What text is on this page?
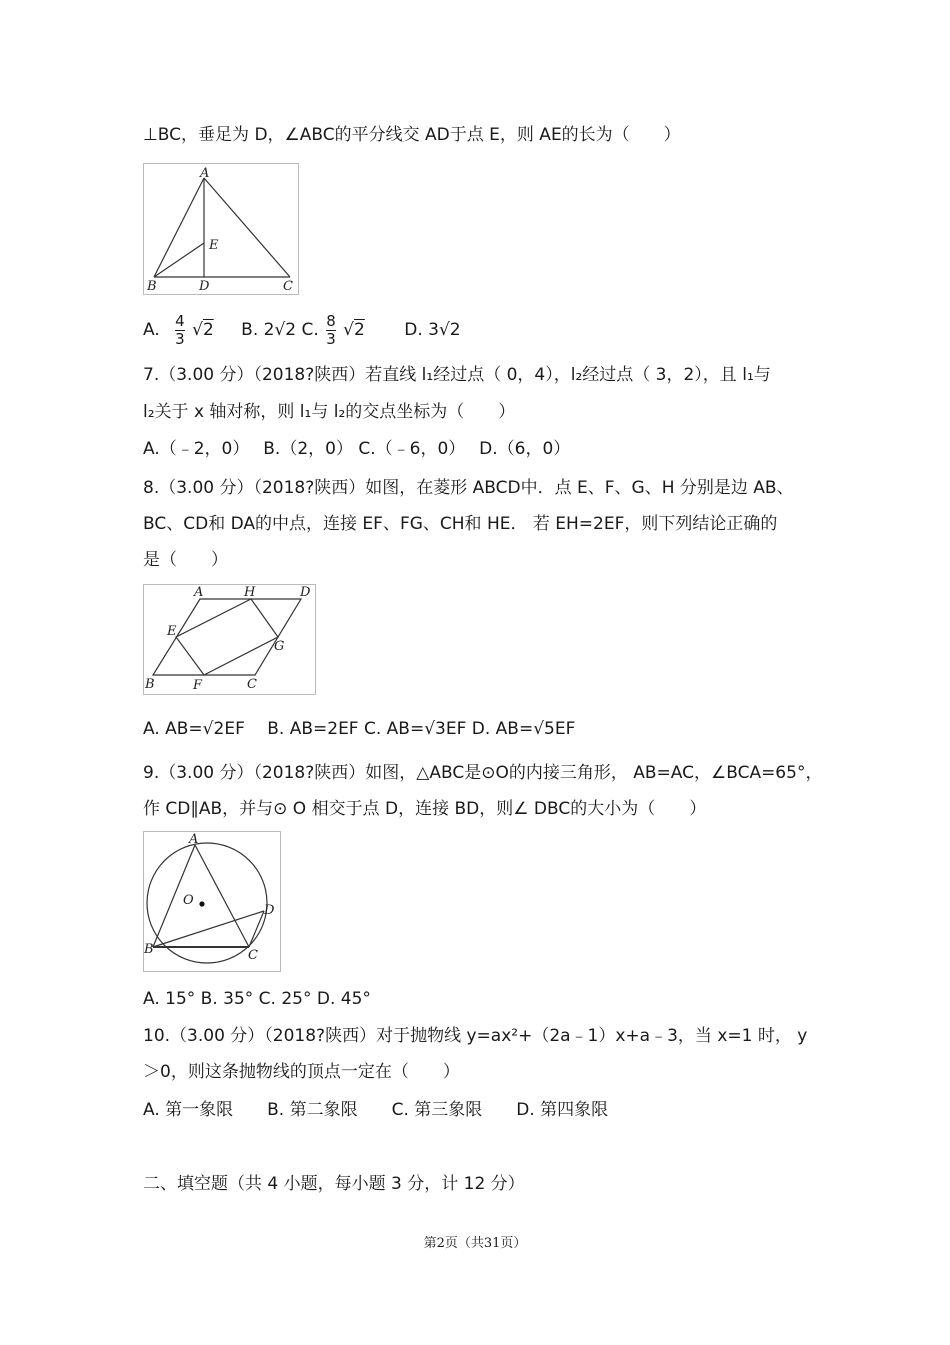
⊥BC，垂足为 D，∠ABC的平分线交 AD于点 E，则 AE的长为（　　）
A
E
B	D	C
A. $\frac{4}{3} √2$ B. 2√2 C. $\frac{8}{3} √2$ D. 3√2
7.（3.00 分）（2018?陕西）若直线 l₁经过点（ 0，4），l₂经过点（ 3，2），且 l₁与
l₂关于 x 轴对称，则 l₁与 l₂的交点坐标为（　　）
A.（﹣2，0）　 B.（2，0） C.（﹣6，0）　 D.（6，0）
8.（3.00 分）（2018?陕西）如图，在菱形 ABCD中．点 E、F、G、H 分别是边 AB、
BC、CD和 DA的中点，连接 EF、FG、CH和 HE． 若 EH=2EF，则下列结论正确的
是（　　）
A	H	D
E
G
B	F	C
A. AB=√2EF　 B. AB=2EF C. AB=√3EF D. AB=√5EF
9.（3.00 分）（2018?陕西）如图，△ABC是⊙O的内接三角形， AB=AC，∠BCA=65°，
作 CD∥AB，并与⊙ O 相交于点 D，连接 BD，则∠ DBC的大小为（　　）
A
O
D
B	C
A. 15° B. 35° C. 25° D. 45°
10.（3.00 分）（2018?陕西）对于抛物线 y=ax²+（2a﹣1）x+a﹣3，当 x=1 时， y
＞0，则这条抛物线的顶点一定在（　　）
A. 第一象限　　B. 第二象限　　C. 第三象限　　D. 第四象限
二、填空题（共 4 小题，每小题 3 分，计 12 分）
第2页（共31页）
